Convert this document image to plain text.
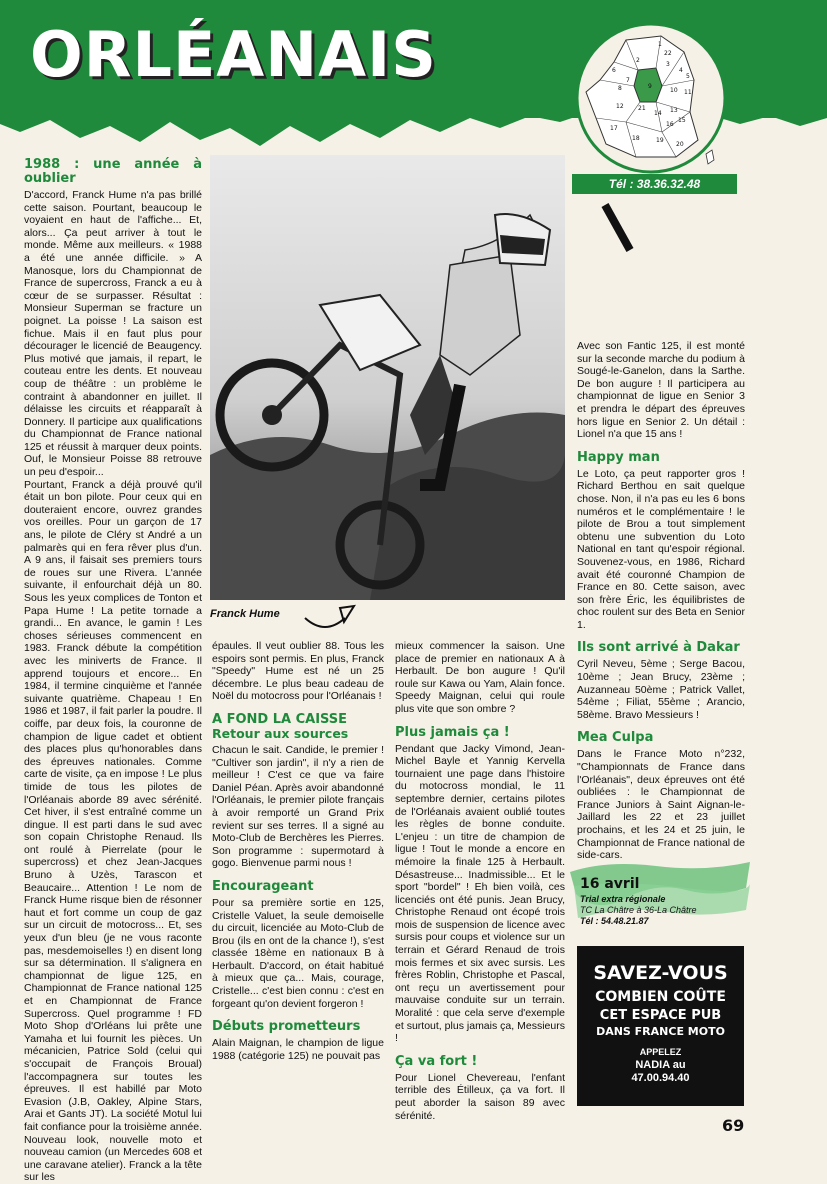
ORLÉANAIS	1
22
2
3
4
5
6
7
8	9
10 11
12 21
14 13
15
16
17
18	19
20
Tél : 38.36.32.48
1988 : une année à oublier

D'accord, Franck Hume n'a pas brillé cette saison. Pourtant, beaucoup le voyaient en haut de l'affiche... Et, alors... Ça peut arriver à tout le monde. Même aux meilleurs. « 1988 a été une année difficile. » A Manosque, lors du Championnat de France de supercross, Franck a eu à cœur de se surpasser. Résultat : Monsieur Superman se fracture un poignet. La poisse ! La saison est fichue. Mais il en faut plus pour décourager le licencié de Beaugency. Plus motivé que jamais, il repart, le couteau entre les dents. Et nouveau coup de théâtre : un problème le contraint à abandonner en juillet. Il délaisse les circuits et réapparaît à Donnery. Il participe aux qualifications du Championnat de France national 125 et réussit à marquer deux points. Ouf, le Monsieur Poisse 88 retrouve un peu d'espoir...

Pourtant, Franck a déjà prouvé qu'il était un bon pilote. Pour ceux qui en douteraient encore, ouvrez grandes vos oreilles. Pour un garçon de 17 ans, le pilote de Cléry st André a un palmarès qui en fera rêver plus d'un. A 9 ans, il faisait ses premiers tours de roues sur une Rivera. L'année suivante, il enfourchait déjà un 80. Sous les yeux complices de Tonton et Papa Hume ! La petite tornade a grandi... En avance, le gamin ! Les choses sérieuses commencent en 1983. Franck débute la compétition avec les miniverts de France. Il apprend toujours et encore... En 1984, il termine cinquième et l'année suivante quatrième. Chapeau ! En 1986 et 1987, il fait parler la poudre. Il coiffe, par deux fois, la couronne de champion de ligue cadet et obtient des places plus qu'honorables dans des épreuves nationales. Comme carte de visite, ça en impose ! Le plus timide de tous les pilotes de l'Orléanais aborde 89 avec sérénité. Cet hiver, il s'est entraîné comme un dingue. Il est parti dans le sud avec son copain Christophe Renaud. Ils ont roulé à Pierrelate (pour le supercross) et chez Jean-Jacques Bruno à Uzès, Tarascon et Beaucaire... Attention ! Le nom de Franck Hume risque bien de résonner haut et fort comme un coup de gaz sur un circuit de motocross... Et, ses yeux d'un bleu (je ne vous raconte pas, mesdemoiselles !) en disent long sur sa détermination. Il s'alignera en championnat de ligue 125, en Championnat de France national 125 et en Championnat de France Supercross. Quel programme ! FD Moto Shop d'Orléans lui prête une Yamaha et lui fournit les pièces. Un mécanicien, Patrice Sold (celui qui s'occupait de François Broual) l'accompagnera sur toutes les épreuves. Il est habillé par Moto Evasion (J.B, Oakley, Alpine Stars, Arai et Gants JT). La société Motul lui fait confiance pour la troisième année. Nouveau look, nouvelle moto et nouveau camion (un Mercedes 608 et une caravane atelier). Franck a la tête sur les

Franck Hume

épaules. Il veut oublier 88. Tous les espoirs sont permis. En plus, Franck "Speedy" Hume est né un 25 décembre. Le plus beau cadeau de Noël du motocross pour l'Orléanais !

A FOND LA CAISSE
Retour aux sources

Chacun le sait. Candide, le premier ! "Cultiver son jardin", il n'y a rien de meilleur ! C'est ce que va faire Daniel Péan. Après avoir abandonné l'Orléanais, le premier pilote français à avoir remporté un Grand Prix revient sur ses terres. Il a signé au Moto-Club de Berchères les Pierres. Son programme : supermotard à gogo. Bienvenue parmi nous !

Encourageant

Pour sa première sortie en 125, Cristelle Valuet, la seule demoiselle du circuit, licenciée au Moto-Club de Brou (ils en ont de la chance !), s'est classée 18ème en nationaux B à Herbault. D'accord, on était habitué à mieux que ça... Mais, courage, Cristelle... c'est bien connu : c'est en forgeant qu'on devient forgeron !

Débuts prometteurs

Alain Maignan, le champion de ligue 1988 (catégorie 125) ne pouvait pas

mieux commencer la saison. Une place de premier en nationaux A à Herbault. De bon augure ! Qu'il roule sur Kawa ou Yam, Alain fonce. Speedy Maignan, celui qui roule plus vite que son ombre ?

Plus jamais ça !

Pendant que Jacky Vimond, Jean-Michel Bayle et Yannig Kervella tournaient une page dans l'histoire du motocross mondial, le 11 septembre dernier, certains pilotes de l'Orléanais avaient oublié toutes les règles de bonne conduite. L'enjeu : un titre de champion de ligue ! Tout le monde a encore en mémoire la finale 125 à Herbault. Désastreuse... Inadmissible... Et le sport "bordel" ! Eh bien voilà, ces licenciés ont été punis. Jean Brucy, Christophe Renaud ont écopé trois mois de suspension de licence avec sursis pour coups et violence sur un terrain et Gérard Renaud de trois mois fermes et six avec sursis. Les frères Roblin, Christophe et Pascal, ont reçu un avertissement pour mauvaise conduite sur un terrain. Moralité : que cela serve d'exemple et surtout, plus jamais ça, Messieurs !

Ça va fort !

Pour Lionel Chevereau, l'enfant terrible des Étilleux, ça va fort. Il peut aborder la saison 89 avec sérénité.

Avec son Fantic 125, il est monté sur la seconde marche du podium à Sougé-le-Ganelon, dans la Sarthe. De bon augure ! Il participera au championnat de ligue en Senior 3 et prendra le départ des épreuves hors ligue en Senior 2. Un détail : Lionel n'a que 15 ans !

Happy man

Le Loto, ça peut rapporter gros ! Richard Berthou en sait quelque chose. Non, il n'a pas eu les 6 bons numéros et le complémentaire ! le pilote de Brou a tout simplement obtenu une subvention du Loto National en tant qu'espoir régional. Souvenez-vous, en 1986, Richard avait été couronné Champion de France en 80. Cette saison, avec son frère Éric, les équilibristes de choc roulent sur des Beta en Senior 1.

Ils sont arrivé à Dakar

Cyril Neveu, 5ème ; Serge Bacou, 10ème ; Jean Brucy, 23ème ; Auzanneau 50ème ; Patrick Vallet, 54ème ; Filiat, 55ème ; Arancio, 58ème. Bravo Messieurs !

Mea Culpa

Dans le France Moto n°232, "Championnats de France dans l'Orléanais", deux épreuves ont été oubliées : le Championnat de France Juniors à Saint Aignan-le-Jaillard les 22 et 23 juillet prochains, et les 24 et 25 juin, le Championnat de France national de side-cars.

16 avril
Trial extra régionale
TC La Châtre à 36-La Châtre
Tél : 54.48.21.87
SAVEZ-VOUS
COMBIEN COÛTE
CET ESPACE PUB
DANS FRANCE MOTO
APPELEZ
NADIA au
47.00.94.40
69
